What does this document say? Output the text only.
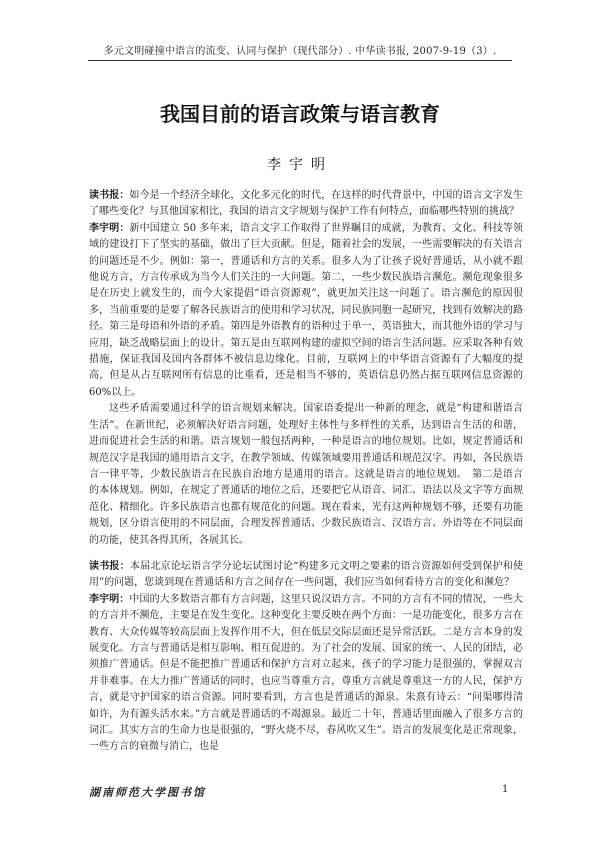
多元文明碰撞中语言的流变、认同与保护（现代部分）. 中华读书报, 2007-9-19（3）.
我国目前的语言政策与语言教育
李宇明

读书报：如今是一个经济全球化，文化多元化的时代，在这样的时代背景中，中国的语言文字发生了哪些变化？与其他国家相比，我国的语言文字规划与保护工作有何特点，面临哪些特别的挑战？

李宇明：新中国建立 50 多年来，语言文字工作取得了世界瞩目的成就，为教育、文化、科技等领域的建设打下了坚实的基础，做出了巨大贡献。但是，随着社会的发展，一些需要解决的有关语言的问题还是不少。例如：第一，普通话和方言的关系。很多人为了让孩子说好普通话，从小就不跟他说方言，方言传承成为当今人们关注的一大问题。第二，一些少数民族语言濒危。濒危现象很多是在历史上就发生的，而今大家提倡“语言资源观”，就更加关注这一问题了。语言濒危的原因很多，当前重要的是要了解各民族语言的使用和学习状况，同民族同胞一起研究，找到有效解决的路径。第三是母语和外语的矛盾。第四是外语教育的语种过于单一，英语独大，而其他外语的学习与应用，缺乏战略层面上的设计。第五是由互联网构建的虚拟空间的语言生活问题。应采取各种有效措施，保证我国及国内各群体不被信息边缘化。目前，互联网上的中华语言资源有了大幅度的提高，但是从占互联网所有信息的比重看，还是相当不够的，英语信息仍然占据互联网信息资源的 60%以上。

这些矛盾需要通过科学的语言规划来解决。国家语委提出一种新的理念，就是“构建和谐语言生活”。在新世纪，必须解决好语言问题，处理好主体性与多样性的关系，达到语言生活的和谐，进而促进社会生活的和谐。语言规划一般包括两种，一种是语言的地位规划。比如，规定普通话和规范汉字是我国的通用语言文字，在教学领域、传媒领域要用普通话和规范汉字。再如，各民族语言一律平等，少数民族语言在民族自治地方是通用的语言。这就是语言的地位规划。　第二是语言的本体规划。例如，在规定了普通话的地位之后，还要把它从语音、词汇、语法以及文字等方面规范化、精细化。许多民族语言也都有规范化的问题。现在看来，光有这两种规划不够，还要有功能规划，区分语言使用的不同层面，合理发挥普通话、少数民族语言、汉语方言、外语等在不同层面的功能，使其各得其所，各展其长。

读书报：本届北京论坛语言学分论坛试图讨论“构建多元文明之要素的语言资源如何受到保护和使用”的问题，您谈到现在普通话和方言之间存在一些问题，我们应当如何看待方言的变化和濒危？

李宇明：中国的大多数语言都有方言问题，这里只说汉语方言。不同的方言有不同的情况，一些大的方言并不濒危，主要是在发生变化。这种变化主要反映在两个方面：一是功能变化，很多方言在教育、大众传媒等较高层面上发挥作用不大，但在低层交际层面还是异常活跃。二是方言本身的发展变化。方言与普通话是相互影响、相互促进的。为了社会的发展、国家的统一、人民的团结，必须推广普通话。但是不能把推广普通话和保护方言对立起来，孩子的学习能力是很强的，掌握双言并非难事。在大力推广普通话的同时，也应当尊重方言，尊重方言就是尊重这一方的人民，保护方言，就是守护国家的语言资源。同时要看到，方言也是普通话的源泉。朱熹有诗云：“问渠哪得清如许，为有源头活水来。”方言就是普通话的不竭源泉。最近二十年，普通话里面融入了很多方言的词汇。其实方言的生命力也是很强的，“野火烧不尽，春风吹又生”。语言的发展变化是正常现象，一些方言的衰微与消亡，也是

湖南师范大学图书馆	1
